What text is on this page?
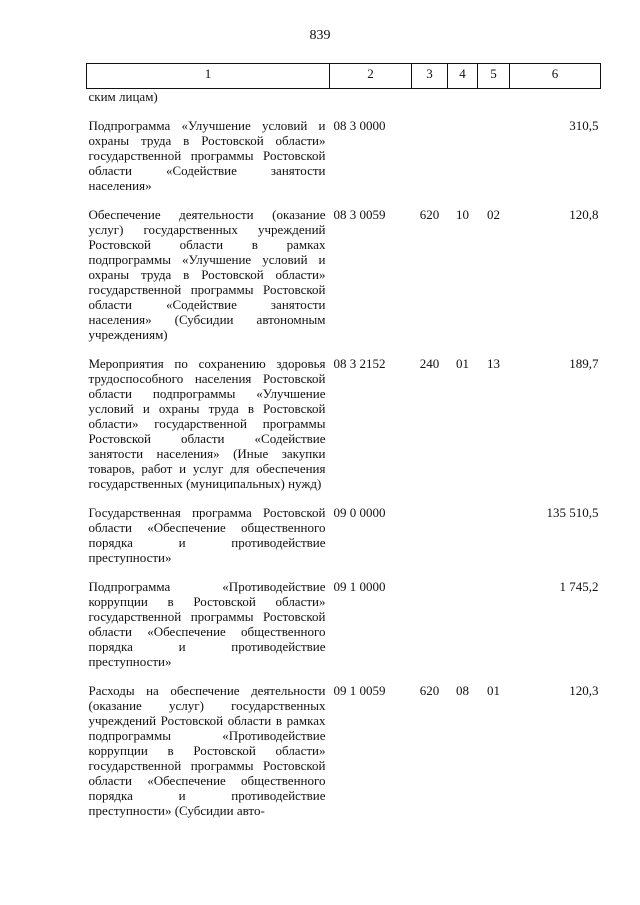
839
1	2	3	4	5	6
ским лицам)					

Подпрограмма «Улучшение условий и охраны труда в Ростовской области» государственной программы Ростовской области «Содействие занятости населения»	08 3 0000				310,5

Обеспечение деятельности (оказание услуг) государственных учреждений Ростовской области в рамках подпрограммы «Улучшение условий и охраны труда в Ростовской области» государственной программы Ростовской области «Содействие занятости населения» (Субсидии автономным учреждениям)	08 3 0059	620	10	02	120,8

Мероприятия по сохранению здоровья трудоспособного населения Ростовской области подпрограммы «Улучшение условий и охраны труда в Ростовской области» государственной программы Ростовской области «Содействие занятости населения» (Иные закупки товаров, работ и услуг для обеспечения государственных (муниципальных) нужд)	08 3 2152	240	01	13	189,7

Государственная программа Ростовской области «Обеспечение общественного порядка и противодействие преступности»	09 0 0000				135 510,5

Подпрограмма «Противодействие коррупции в Ростовской области» государственной программы Ростовской области «Обеспечение общественного порядка и противодействие преступности»	09 1 0000				1 745,2

Расходы на обеспечение деятельности (оказание услуг) государственных учреждений Ростовской области в рамках подпрограммы «Противодействие коррупции в Ростовской области» государственной программы Ростовской области «Обеспечение общественного порядка и противодействие преступности» (Субсидии авто-	09 1 0059	620	08	01	120,3
